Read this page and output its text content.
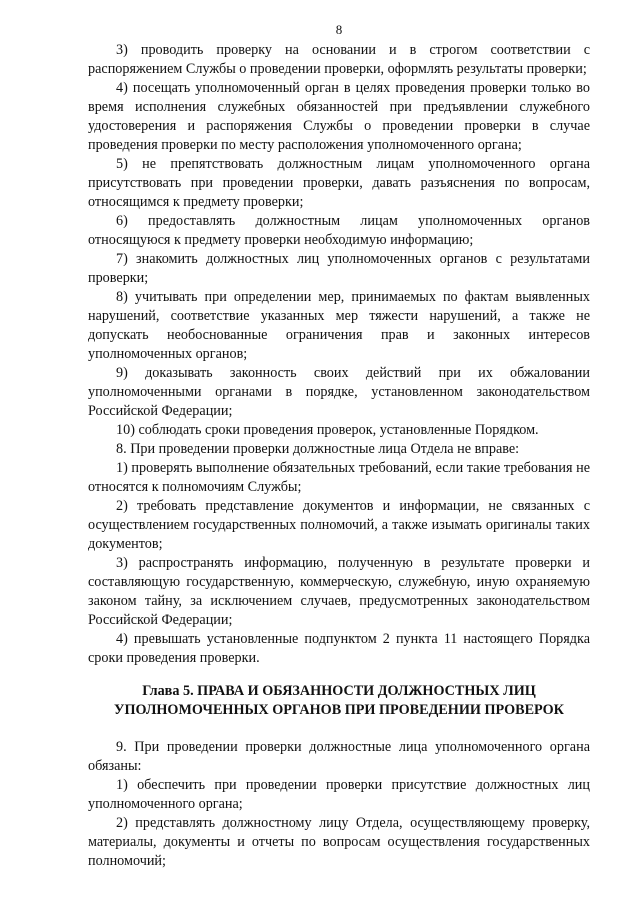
8

3) проводить проверку на основании и в строгом соответствии с распоряжением Службы о проведении проверки, оформлять результаты проверки;

4) посещать уполномоченный орган в целях проведения проверки только во время исполнения служебных обязанностей при предъявлении служебного удостоверения и распоряжения Службы о проведении проверки в случае проведения проверки по месту расположения уполномоченного органа;

5) не препятствовать должностным лицам уполномоченного органа присутствовать при проведении проверки, давать разъяснения по вопросам, относящимся к предмету проверки;

6) предоставлять должностным лицам уполномоченных органов относящуюся к предмету проверки необходимую информацию;

7) знакомить должностных лиц уполномоченных органов с результатами проверки;

8) учитывать при определении мер, принимаемых по фактам выявленных нарушений, соответствие указанных мер тяжести нарушений, а также не допускать необоснованные ограничения прав и законных интересов уполномоченных органов;

9) доказывать законность своих действий при их обжаловании уполномоченными органами в порядке, установленном законодательством Российской Федерации;

10) соблюдать сроки проведения проверок, установленные Порядком.

8. При проведении проверки должностные лица Отдела не вправе:

1) проверять выполнение обязательных требований, если такие требования не относятся к полномочиям Службы;

2) требовать представление документов и информации, не связанных с осуществлением государственных полномочий, а также изымать оригиналы таких документов;

3) распространять информацию, полученную в результате проверки и составляющую государственную, коммерческую, служебную, иную охраняемую законом тайну, за исключением случаев, предусмотренных законодательством Российской Федерации;

4) превышать установленные подпунктом 2 пункта 11 настоящего Порядка сроки проведения проверки.

Глава 5. ПРАВА И ОБЯЗАННОСТИ ДОЛЖНОСТНЫХ ЛИЦ
УПОЛНОМОЧЕННЫХ ОРГАНОВ ПРИ ПРОВЕДЕНИИ ПРОВЕРОК

9. При проведении проверки должностные лица уполномоченного органа обязаны:

1) обеспечить при проведении проверки присутствие должностных лиц уполномоченного органа;

2) представлять должностному лицу Отдела, осуществляющему проверку, материалы, документы и отчеты по вопросам осуществления государственных полномочий;
